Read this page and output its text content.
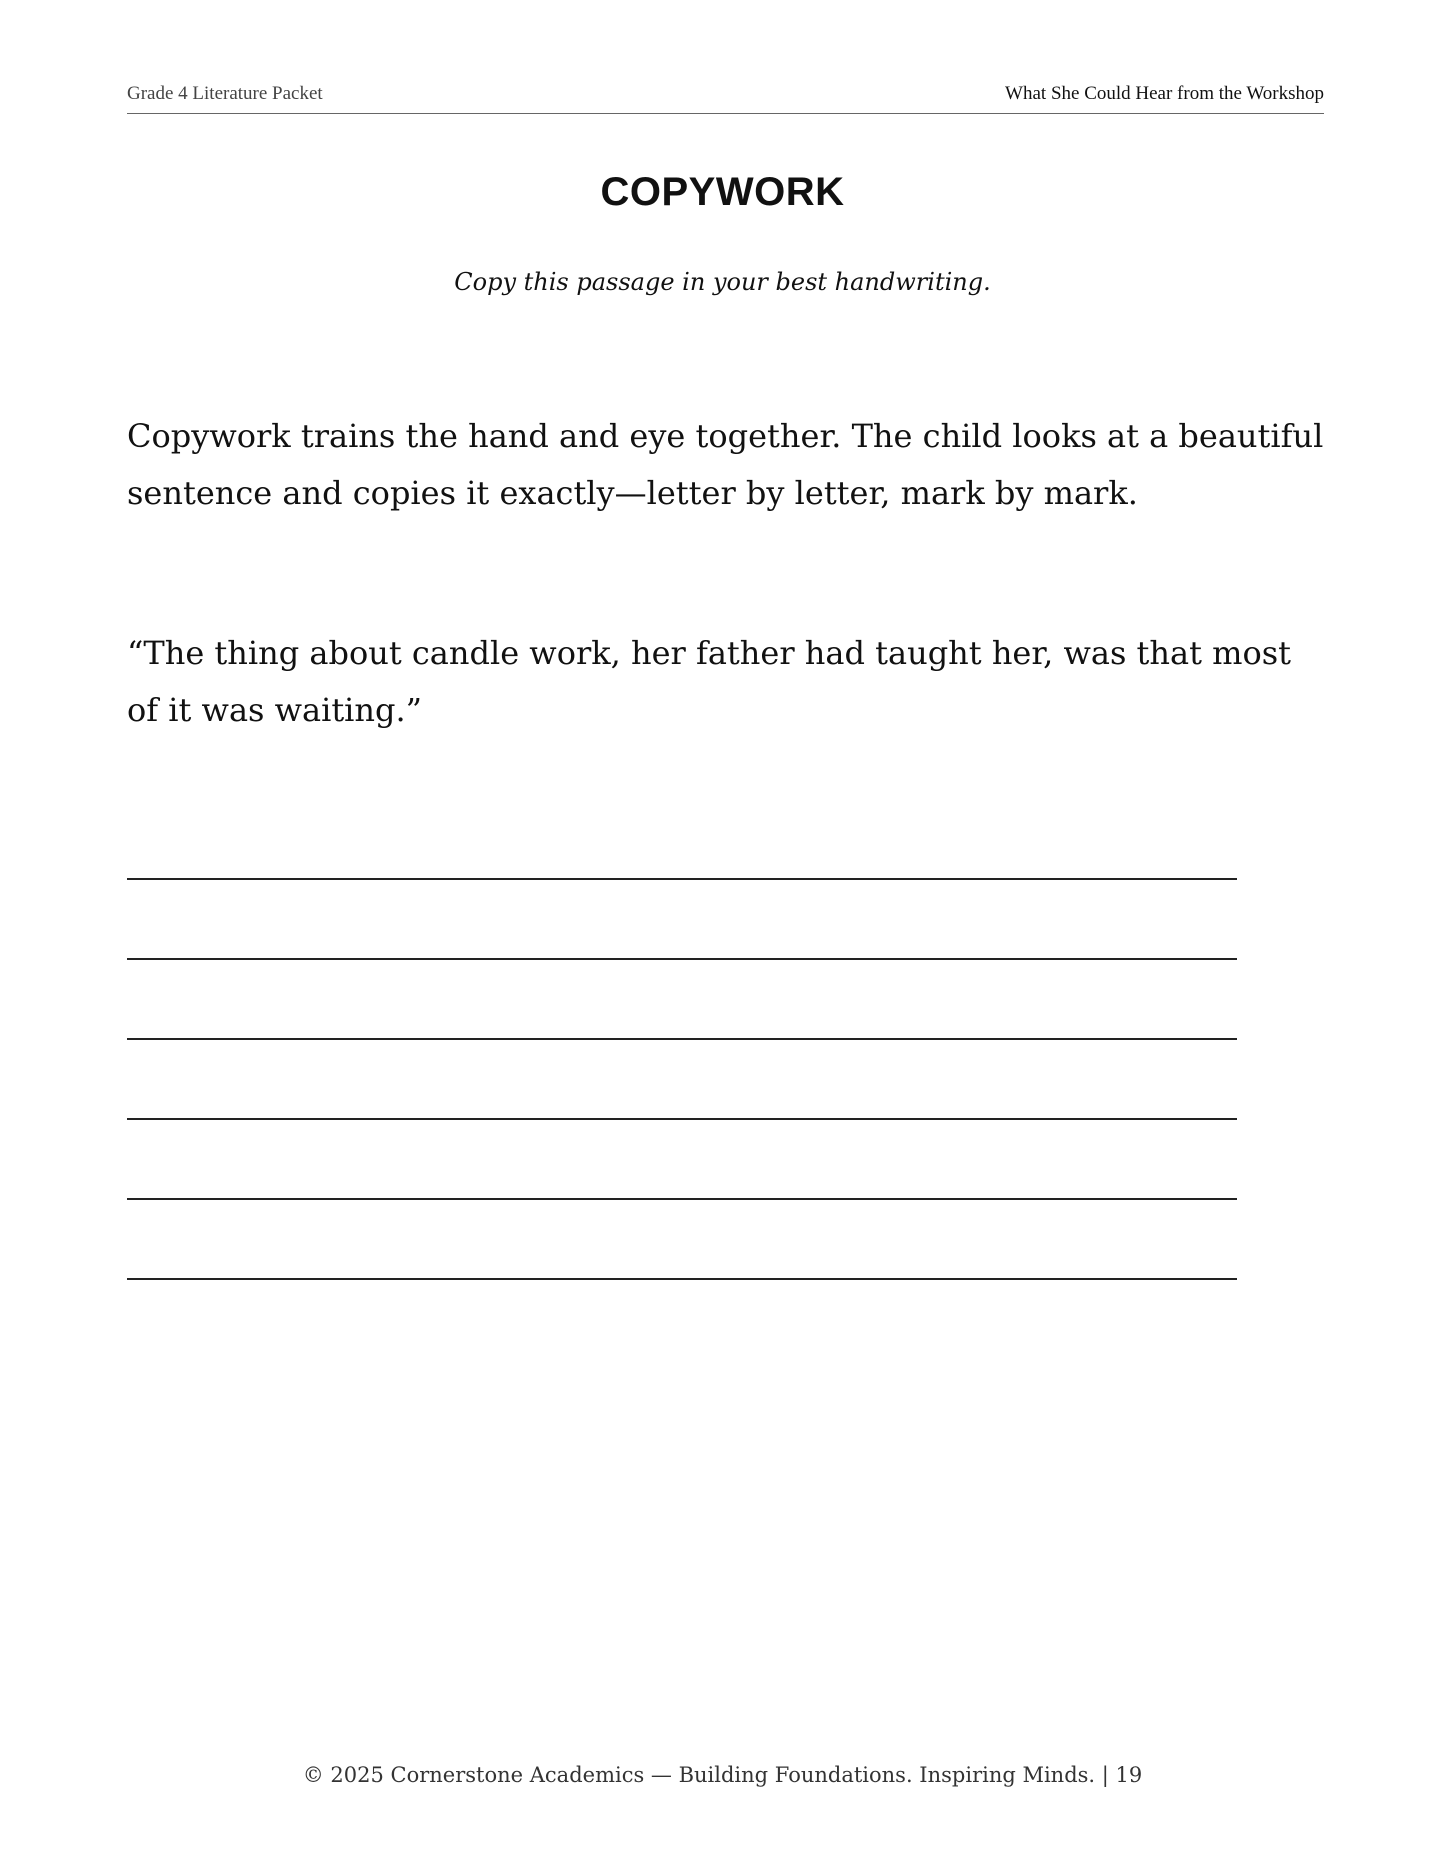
Grade 4 Literature Packet	What She Could Hear from the Workshop
COPYWORK

Copy this passage in your best handwriting.

Copywork trains the hand and eye together. The child looks at a beautiful sentence and copies it exactly—letter by letter, mark by mark.

“The thing about candle work, her father had taught her, was that most of it was waiting.”

© 2025 Cornerstone Academics — Building Foundations. Inspiring Minds. | 19
